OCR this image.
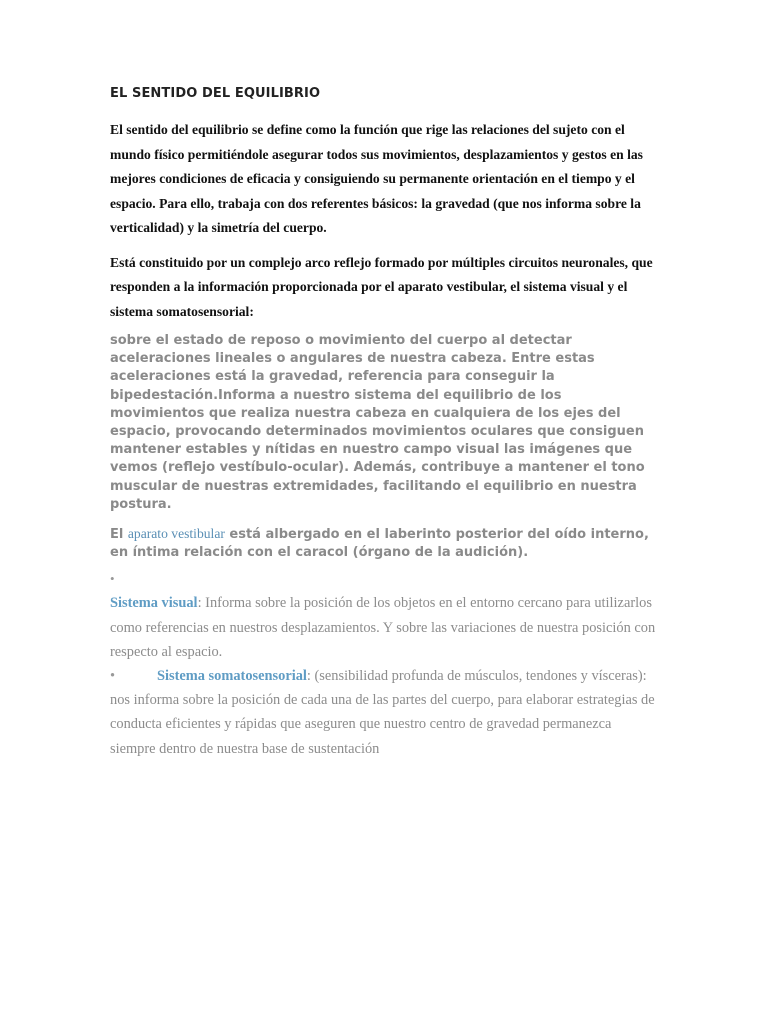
EL SENTIDO DEL EQUILIBRIO

El sentido del equilibrio se define como la función que rige las relaciones del sujeto con el mundo físico permitiéndole asegurar todos sus movimientos, desplazamientos y gestos en las mejores condiciones de eficacia y consiguiendo su permanente orientación en el tiempo y el espacio. Para ello, trabaja con dos referentes básicos: la gravedad (que nos informa sobre la verticalidad) y la simetría del cuerpo.

Está constituido por un complejo arco reflejo formado por múltiples circuitos neuronales, que responden a la información proporcionada por el aparato vestibular, el sistema visual y el sistema somatosensorial:

sobre el estado de reposo o movimiento del cuerpo al detectar aceleraciones lineales o angulares de nuestra cabeza. Entre estas aceleraciones está la gravedad, referencia para conseguir la bipedestación.Informa a nuestro sistema del equilibrio de los movimientos que realiza nuestra cabeza en cualquiera de los ejes del espacio, provocando determinados movimientos oculares que consiguen mantener estables y nítidas en nuestro campo visual las imágenes que vemos (reflejo vestíbulo-ocular). Además, contribuye a mantener el tono muscular de nuestras extremidades, facilitando el equilibrio en nuestra postura.

El aparato vestibular está albergado en el laberinto posterior del oído interno, en íntima relación con el caracol (órgano de la audición).

•

Sistema visual: Informa sobre la posición de los objetos en el entorno cercano para utilizarlos como referencias en nuestros desplazamientos. Y sobre las variaciones de nuestra posición con respecto al espacio.

•	Sistema somatosensorial: (sensibilidad profunda de músculos, tendones y vísceras): nos informa sobre la posición de cada una de las partes del cuerpo, para elaborar estrategias de conducta eficientes y rápidas que aseguren que nuestro centro de gravedad permanezca siempre dentro de nuestra base de sustentación
